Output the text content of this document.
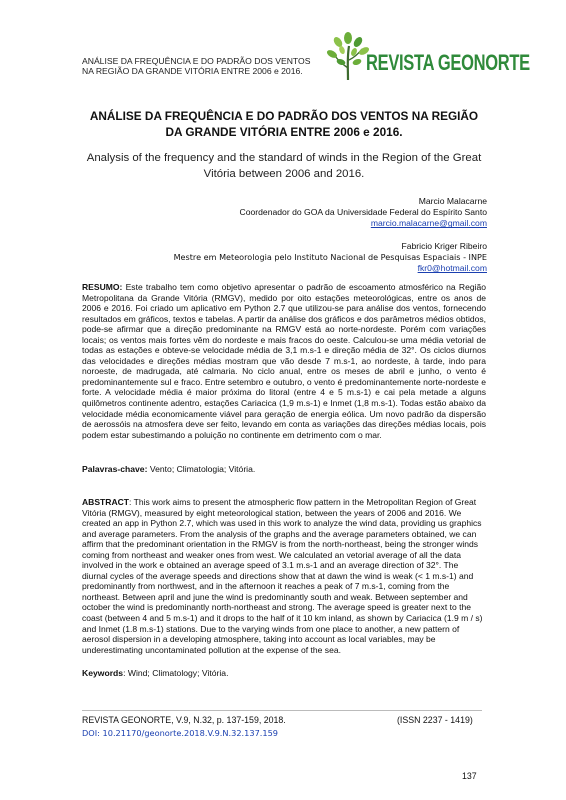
ANÁLISE DA FREQUÊNCIA E DO PADRÃO DOS VENTOS NA REGIÃO DA GRANDE VITÓRIA ENTRE 2006 e 2016.	REVISTA GEONORTE
ANÁLISE DA FREQUÊNCIA E DO PADRÃO DOS VENTOS NA REGIÃO DA GRANDE VITÓRIA ENTRE 2006 e 2016.
Analysis of the frequency and the standard of winds in the Region of the Great Vitória between 2006 and 2016.
Marcio Malacarne
Coordenador do GOA da Universidade Federal do Espírito Santo
marcio.malacarne@gmail.com
Fabricio Kriger Ribeiro
Mestre em Meteorologia pelo Instituto Nacional de Pesquisas Espaciais - INPE
fkr0@hotmail.com
RESUMO: Este trabalho tem como objetivo apresentar o padrão de escoamento atmosférico na Região Metropolitana da Grande Vitória (RMGV), medido por oito estações meteorológicas, entre os anos de 2006 e 2016. Foi criado um aplicativo em Python 2.7 que utilizou-se para análise dos ventos, fornecendo resultados em gráficos, textos e tabelas. A partir da análise dos gráficos e dos parâmetros médios obtidos, pode-se afirmar que a direção predominante na RMGV está ao norte-nordeste. Porém com variações locais; os ventos mais fortes vêm do nordeste e mais fracos do oeste. Calculou-se uma média vetorial de todas as estações e obteve-se velocidade média de 3,1 m.s-1 e direção média de 32°. Os ciclos diurnos das velocidades e direções médias mostram que vão desde 7 m.s-1, ao nordeste, à tarde, indo para noroeste, de madrugada, até calmaria. No ciclo anual, entre os meses de abril e junho, o vento é predominantemente sul e fraco. Entre setembro e outubro, o vento é predominantemente norte-nordeste e forte. A velocidade média é maior próxima do litoral (entre 4 e 5 m.s-1) e cai pela metade a alguns quilômetros continente adentro, estações Cariacica (1,9 m.s-1) e Inmet (1,8 m.s-1). Todas estão abaixo da velocidade média economicamente viável para geração de energia eólica. Um novo padrão da dispersão de aerossóis na atmosfera deve ser feito, levando em conta as variações das direções médias locais, pois podem estar subestimando a poluição no continente em detrimento com o mar.
Palavras-chave: Vento; Climatologia; Vitória.
ABSTRACT: This work aims to present the atmospheric flow pattern in the Metropolitan Region of Great Vitória (RMGV), measured by eight meteorological station, between the years of 2006 and 2016. We created an app in Python 2.7, which was used in this work to analyze the wind data, providing us graphics and average parameters. From the analysis of the graphs and the average parameters obtained, we can affirm that the predominant orientation in the RMGV is from the north-northeast, being the stronger winds coming from northeast and weaker ones from west. We calculated an vetorial average of all the data involved in the work e obtained an average speed of 3.1 m.s-1 and an average direction of 32°. The diurnal cycles of the average speeds and directions show that at dawn the wind is weak (< 1 m.s-1) and predominantly from northwest, and in the afternoon it reaches a peak of 7 m.s-1, coming from the northeast. Between april and june the wind is predominantly south and weak. Between september and october the wind is predominantly north-northeast and strong. The average speed is greater next to the coast (between 4 and 5 m.s-1) and it drops to the half of it 10 km inland, as shown by Cariacica (1.9 m / s) and Inmet (1.8 m.s-1) stations. Due to the varying winds from one place to another, a new pattern of aerosol dispersion in a developing atmosphere, taking into account as local variables, may be underestimating uncontaminated pollution at the expense of the sea.
Keywords: Wind; Climatology; Vitória.
REVISTA GEONORTE, V.9, N.32, p. 137-159, 2018.	(ISSN 2237 - 1419)
DOI: 10.21170/geonorte.2018.V.9.N.32.137.159
137
